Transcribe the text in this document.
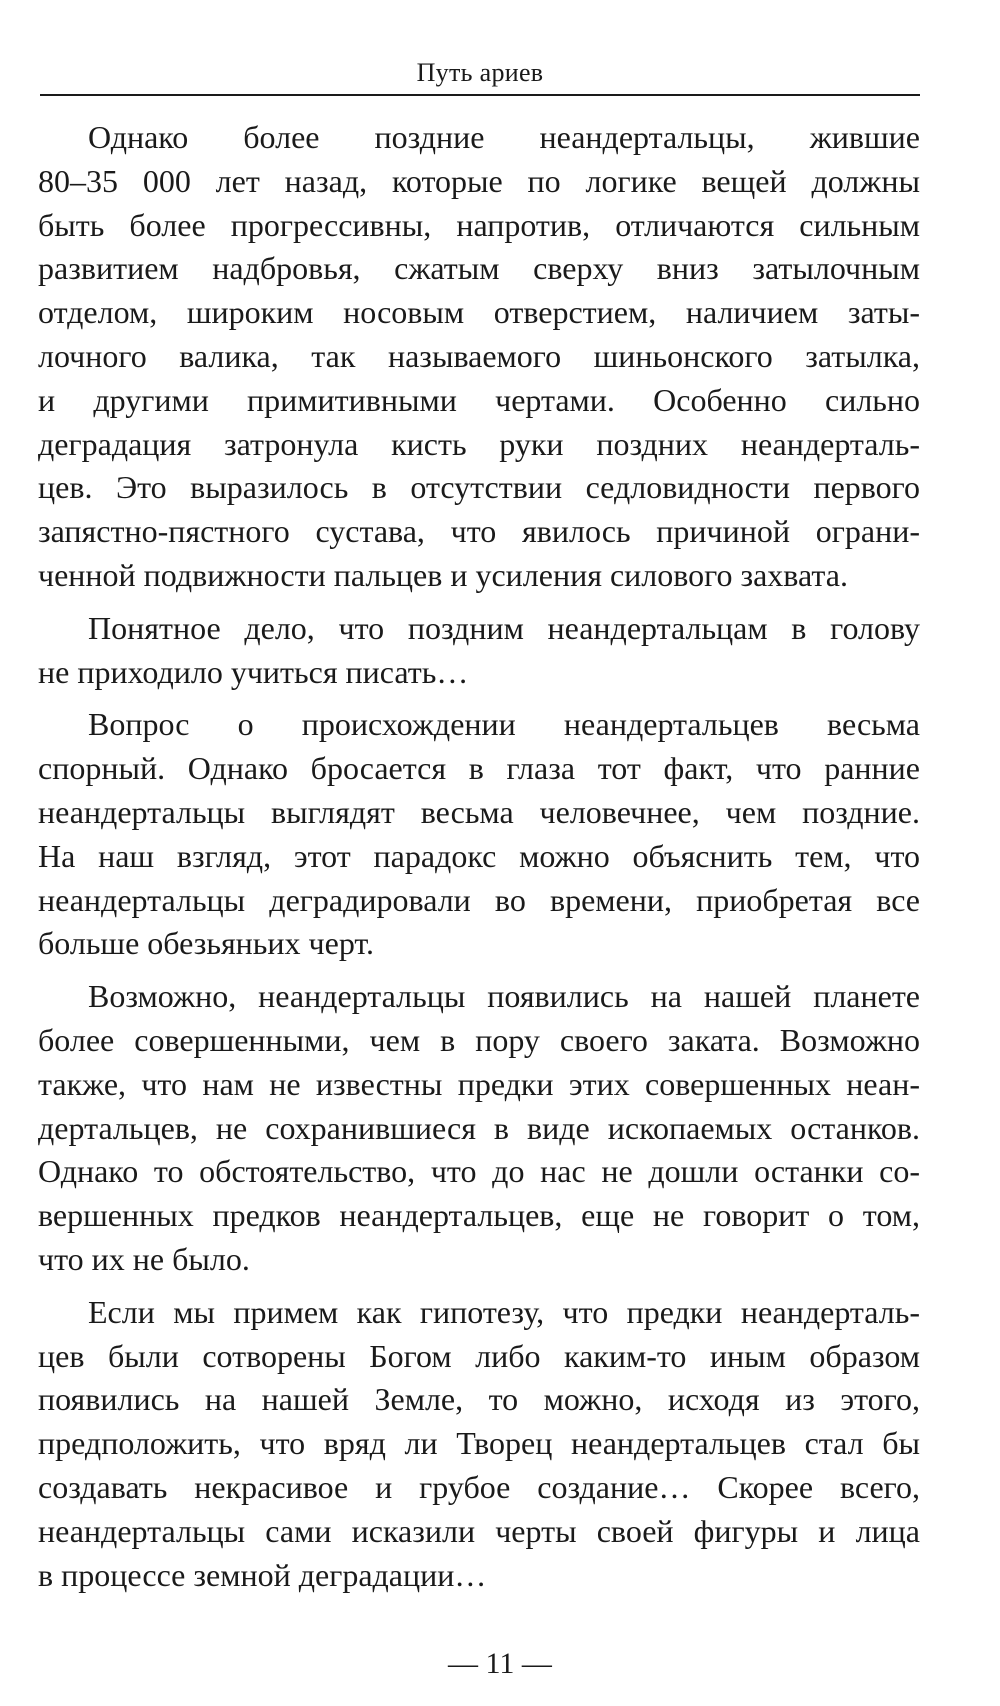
Путь ариев
Однако более поздние неандертальцы, жившие
80–35 000 лет назад, которые по логике вещей должны
быть более прогрессивны, напротив, отличаются сильным
развитием надбровья, сжатым сверху вниз затылочным
отделом, широким носовым отверстием, наличием заты-
лочного валика, так называемого шиньонского затылка,
и другими примитивными чертами. Особенно сильно
деградация затронула кисть руки поздних неандерталь-
цев. Это выразилось в отсутствии седловидности первого
запястно-пястного сустава, что явилось причиной ограни-
ченной подвижности пальцев и усиления силового захвата.
Понятное дело, что поздним неандертальцам в голову
не приходило учиться писать…
Вопрос о происхождении неандертальцев весьма
спорный. Однако бросается в глаза тот факт, что ранние
неандертальцы выглядят весьма человечнее, чем поздние.
На наш взгляд, этот парадокс можно объяснить тем, что
неандертальцы деградировали во времени, приобретая все
больше обезьяньих черт.
Возможно, неандертальцы появились на нашей планете
более совершенными, чем в пору своего заката. Возможно
также, что нам не известны предки этих совершенных неан-
дертальцев, не сохранившиеся в виде ископаемых останков.
Однако то обстоятельство, что до нас не дошли останки со-
вершенных предков неандертальцев, еще не говорит о том,
что их не было.
Если мы примем как гипотезу, что предки неандерталь-
цев были сотворены Богом либо каким-то иным образом
появились на нашей Земле, то можно, исходя из этого,
предположить, что вряд ли Творец неандертальцев стал бы
создавать некрасивое и грубое создание… Скорее всего,
неандертальцы сами исказили черты своей фигуры и лица
в процессе земной деградации…
— 11 —
